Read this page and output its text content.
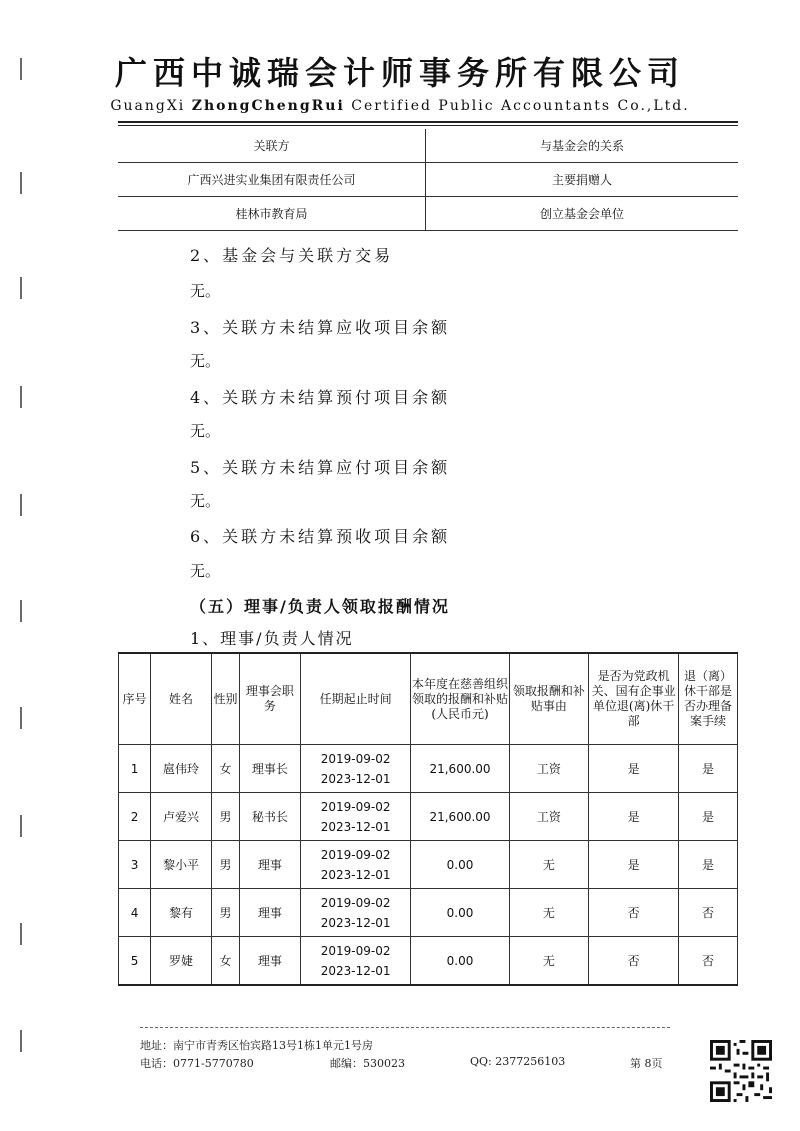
广西中诚瑞会计师事务所有限公司
GuangXi ZhongChengRui Certified Public Accountants Co.,Ltd.
关联方	与基金会的关系
广西兴进实业集团有限责任公司	主要捐赠人
桂林市教育局	创立基金会单位
2、基金会与关联方交易
无。
3、关联方未结算应收项目余额
无。
4、关联方未结算预付项目余额
无。
5、关联方未结算应付项目余额
无。
6、关联方未结算预收项目余额
无。
（五）理事/负责人领取报酬情况
1、理事/负责人情况
序号	姓名	性别	理事会职务	任期起止时间	本年度在慈善组织领取的报酬和补贴(人民币元)	领取报酬和补贴事由	是否为党政机关、国有企事业单位退(离)休干部	退（离）休干部是否办理备案手续
1	扈伟玲	女	理事长	2019-09-02
2023-12-01	21,600.00	工资	是	是
2	卢爱兴	男	秘书长	2019-09-02
2023-12-01	21,600.00	工资	是	是
3	黎小平	男	理事	2019-09-02
2023-12-01	0.00	无	是	是
4	黎有	男	理事	2019-09-02
2023-12-01	0.00	无	否	否
5	罗婕	女	理事	2019-09-02
2023-12-01	0.00	无	否	否
地址：南宁市青秀区怡宾路13号1栋1单元1号房
电话：0771-5770780	邮编：530023	QQ: 2377256103	第 8页
